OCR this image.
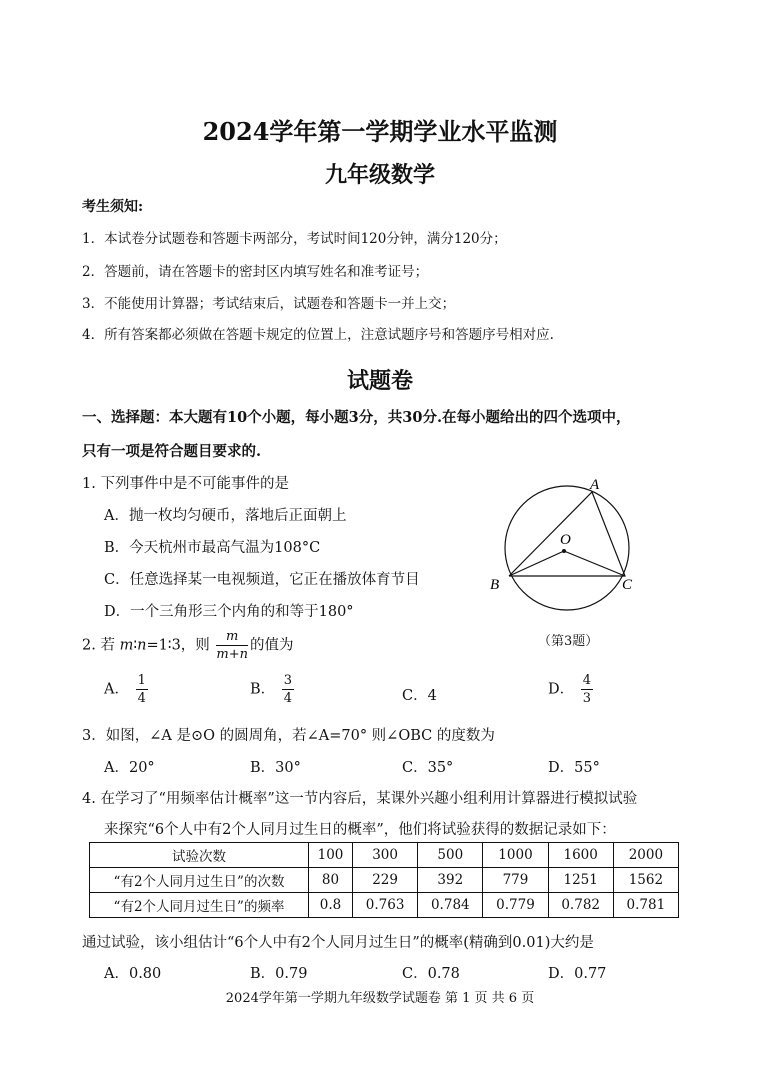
2024学年第一学期学业水平监测
九年级数学
考生须知:
1．本试卷分试题卷和答题卡两部分，考试时间120分钟，满分120分；
2．答题前，请在答题卡的密封区内填写姓名和准考证号；
3．不能使用计算器；考试结束后，试题卷和答题卡一并上交；
4．所有答案都必须做在答题卡规定的位置上，注意试题序号和答题序号相对应.
试题卷
一、选择题：本大题有10个小题，每小题3分，共30分.在每小题给出的四个选项中，
只有一项是符合题目要求的.
1. 下列事件中是不可能事件的是
A．抛一枚均匀硬币，落地后正面朝上
B．今天杭州市最高气温为108°C
C．任意选择某一电视频道，它正在播放体育节目
D．一个三角形三个内角的和等于180°
A
O
B	C
（第3题）
2. 若 m∶n=1∶3，则 $\frac{m}{m+n}$ 的值为
A． $\frac{1}{4}$	B． $\frac{3}{4}$	C．4	D． $\frac{4}{3}$
3．如图，∠A 是⊙O 的圆周角，若∠A=70° 则∠OBC 的度数为
A．20°	B．30°	C．35°	D．55°
4. 在学习了“用频率估计概率”这一节内容后，某课外兴趣小组利用计算器进行模拟试验
来探究“6个人中有2个人同月过生日的概率”，他们将试验获得的数据记录如下：
试验次数	100	300	500	1000	1600	2000
“有2个人同月过生日”的次数	80	229	392	779	1251	1562
“有2个人同月过生日”的频率	0.8	0.763	0.784	0.779	0.782	0.781
通过试验，该小组估计“6个人中有2个人同月过生日”的概率(精确到0.01)大约是
A．0.80	B．0.79	C．0.78	D．0.77
2024学年第一学期九年级数学试题卷 第 1 页 共 6 页
